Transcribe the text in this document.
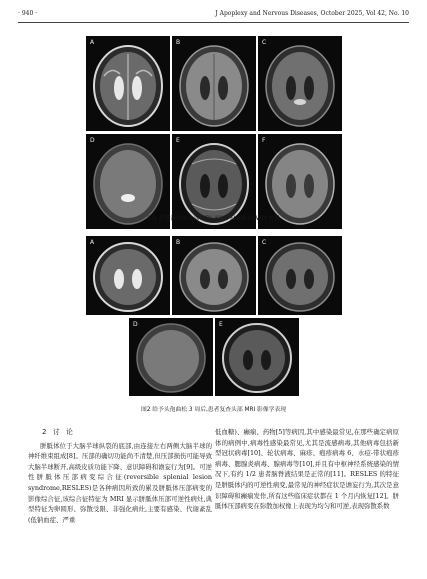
· 940 ·	J Apoplexy and Nervous Diseases, October 2025, Vol 42, No. 10
A	B	C
D	E	F
图1 患者治疗前头部 MRI 平扫+FLAIR+DWI+增强
A	B	C
D	E
图2 给予头孢曲松 3 周后,患者复查头部 MRI 影像学表现
2 讨 论

胼胝体位于大脑半球纵裂的底部,由连接左右两侧大脑半球的神纤维束组成[8]。压部的确切功能尚不清楚,但压部损伤可能导致大脑半球断开,高级皮质功能下降、意识障碍和谵妄行为[9]。可逆性胼胝体压部病变综合征(reversible splenial lesion syndrome,RESLES)是各种病因所致的累及胼胝体压部病变的影像综合征,该综合征特征为 MRI 显示胼胝体压部可逆性病灶,典型特征为卵圆形、弥散受限、非强化病灶,主要有感染、代谢紊乱(低钠血症、严重

低血糖)、癫痫、药物[5]等病因,其中感染最常见,在那些确定病原体的病例中,病毒性感染最常见,尤其是流感病毒,其他病毒包括新型冠状病毒[10]、轮状病毒、麻疹、疱疹病毒 6、水痘-带状疱疹病毒、腮腺炎病毒、腺病毒等[10],并且有中枢神经系统感染的情况下,有约 1/2 患者脑脊液结果是正常的[11]。RESLES 的特征是胼胝体内的可逆性病变,最常见的神经症状是谵妄行为,其次是意识障碍和癫痫发作,所有这些临床症状都在 1 个月内恢复[12]。胼胝体压部病变在弥散加权像上表现为均匀和可逆,表现弥散系数
